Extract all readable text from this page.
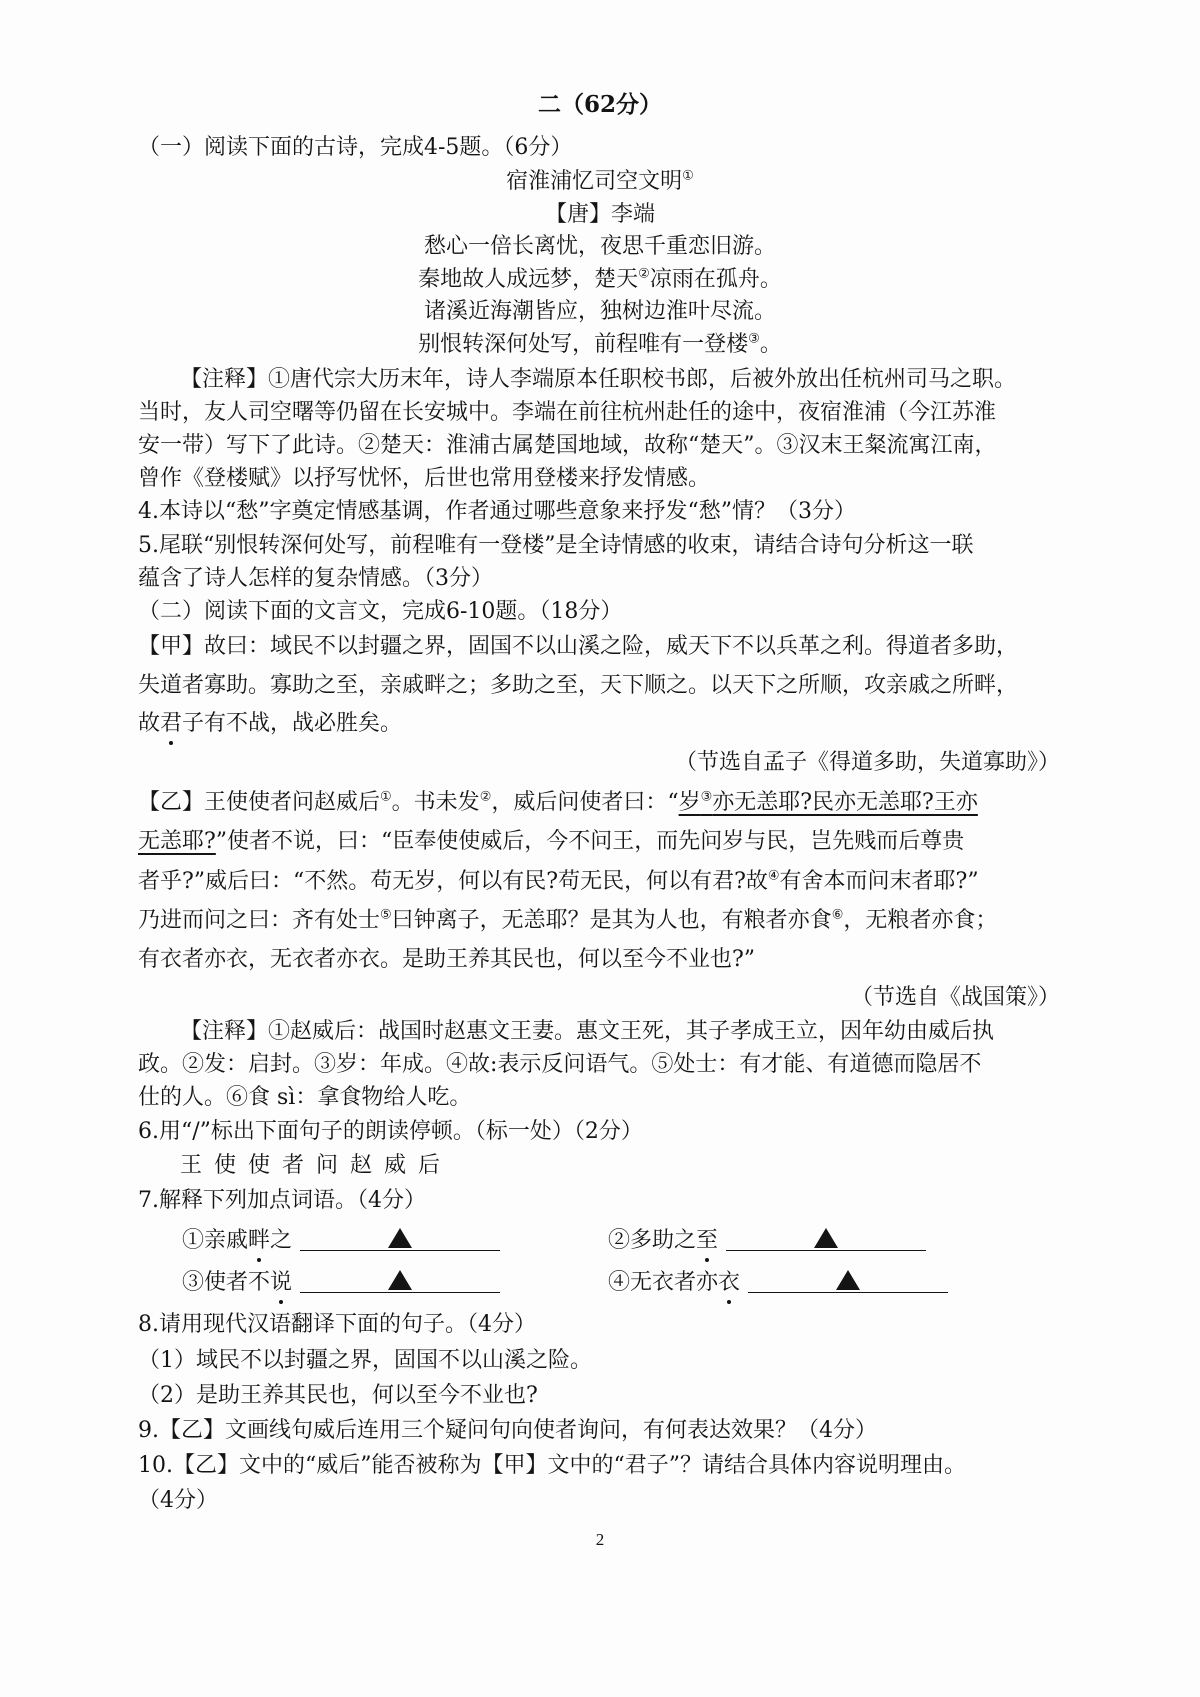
二（62分）
（一）阅读下面的古诗，完成4-5题。（6分）
宿淮浦忆司空文明①
【唐】李端
愁心一倍长离忧，夜思千重恋旧游。
秦地故人成远梦，楚天②凉雨在孤舟。
诸溪近海潮皆应，独树边淮叶尽流。
别恨转深何处写，前程唯有一登楼③。
【注释】①唐代宗大历末年，诗人李端原本任职校书郎，后被外放出任杭州司马之职。
当时，友人司空曙等仍留在长安城中。李端在前往杭州赴任的途中，夜宿淮浦（今江苏淮
安一带）写下了此诗。②楚天：淮浦古属楚国地域，故称“楚天”。③汉末王粲流寓江南，
曾作《登楼赋》以抒写忧怀，后世也常用登楼来抒发情感。
4.本诗以“愁”字奠定情感基调，作者通过哪些意象来抒发“愁”情？（3分）
5.尾联“别恨转深何处写，前程唯有一登楼”是全诗情感的收束，请结合诗句分析这一联
蕴含了诗人怎样的复杂情感。（3分）
（二）阅读下面的文言文，完成6-10题。（18分）
【甲】故曰：域民不以封疆之界，固国不以山溪之险，威天下不以兵革之利。得道者多助，
失道者寡助。寡助之至，亲戚畔之；多助之至，天下顺之。以天下之所顺，攻亲戚之所畔，
故君子有不战，战必胜矣。
（节选自孟子《得道多助，失道寡助》）
【乙】王使使者问赵威后①。书未发②，威后问使者曰：“岁③亦无恙耶?民亦无恙耶?王亦
无恙耶?”使者不说，曰：“臣奉使使威后，今不问王，而先问岁与民，岂先贱而后尊贵
者乎?”威后曰：“不然。苟无岁，何以有民?苟无民，何以有君?故④有舍本而问末者耶?”
乃进而问之曰：齐有处士⑤曰钟离子，无恙耶？是其为人也，有粮者亦食⑥，无粮者亦食；
有衣者亦衣，无衣者亦衣。是助王养其民也，何以至今不业也?”
（节选自《战国策》）
【注释】①赵威后：战国时赵惠文王妻。惠文王死，其子孝成王立，因年幼由威后执
政。②发：启封。③岁：年成。④故:表示反问语气。⑤处士：有才能、有道德而隐居不
仕的人。⑥食 sì：拿食物给人吃。
6.用“/”标出下面句子的朗读停顿。（标一处）（2分）
王使使者问赵威后
7.解释下列加点词语。（4分）
①亲戚畔之	②多助之至
③使者不说	④无衣者亦衣
8.请用现代汉语翻译下面的句子。（4分）
（1）域民不以封疆之界，固国不以山溪之险。
（2）是助王养其民也，何以至今不业也?
9.【乙】文画线句威后连用三个疑问句向使者询问，有何表达效果？（4分）
10.【乙】文中的“威后”能否被称为【甲】文中的“君子”？请结合具体内容说明理由。
（4分）
2
